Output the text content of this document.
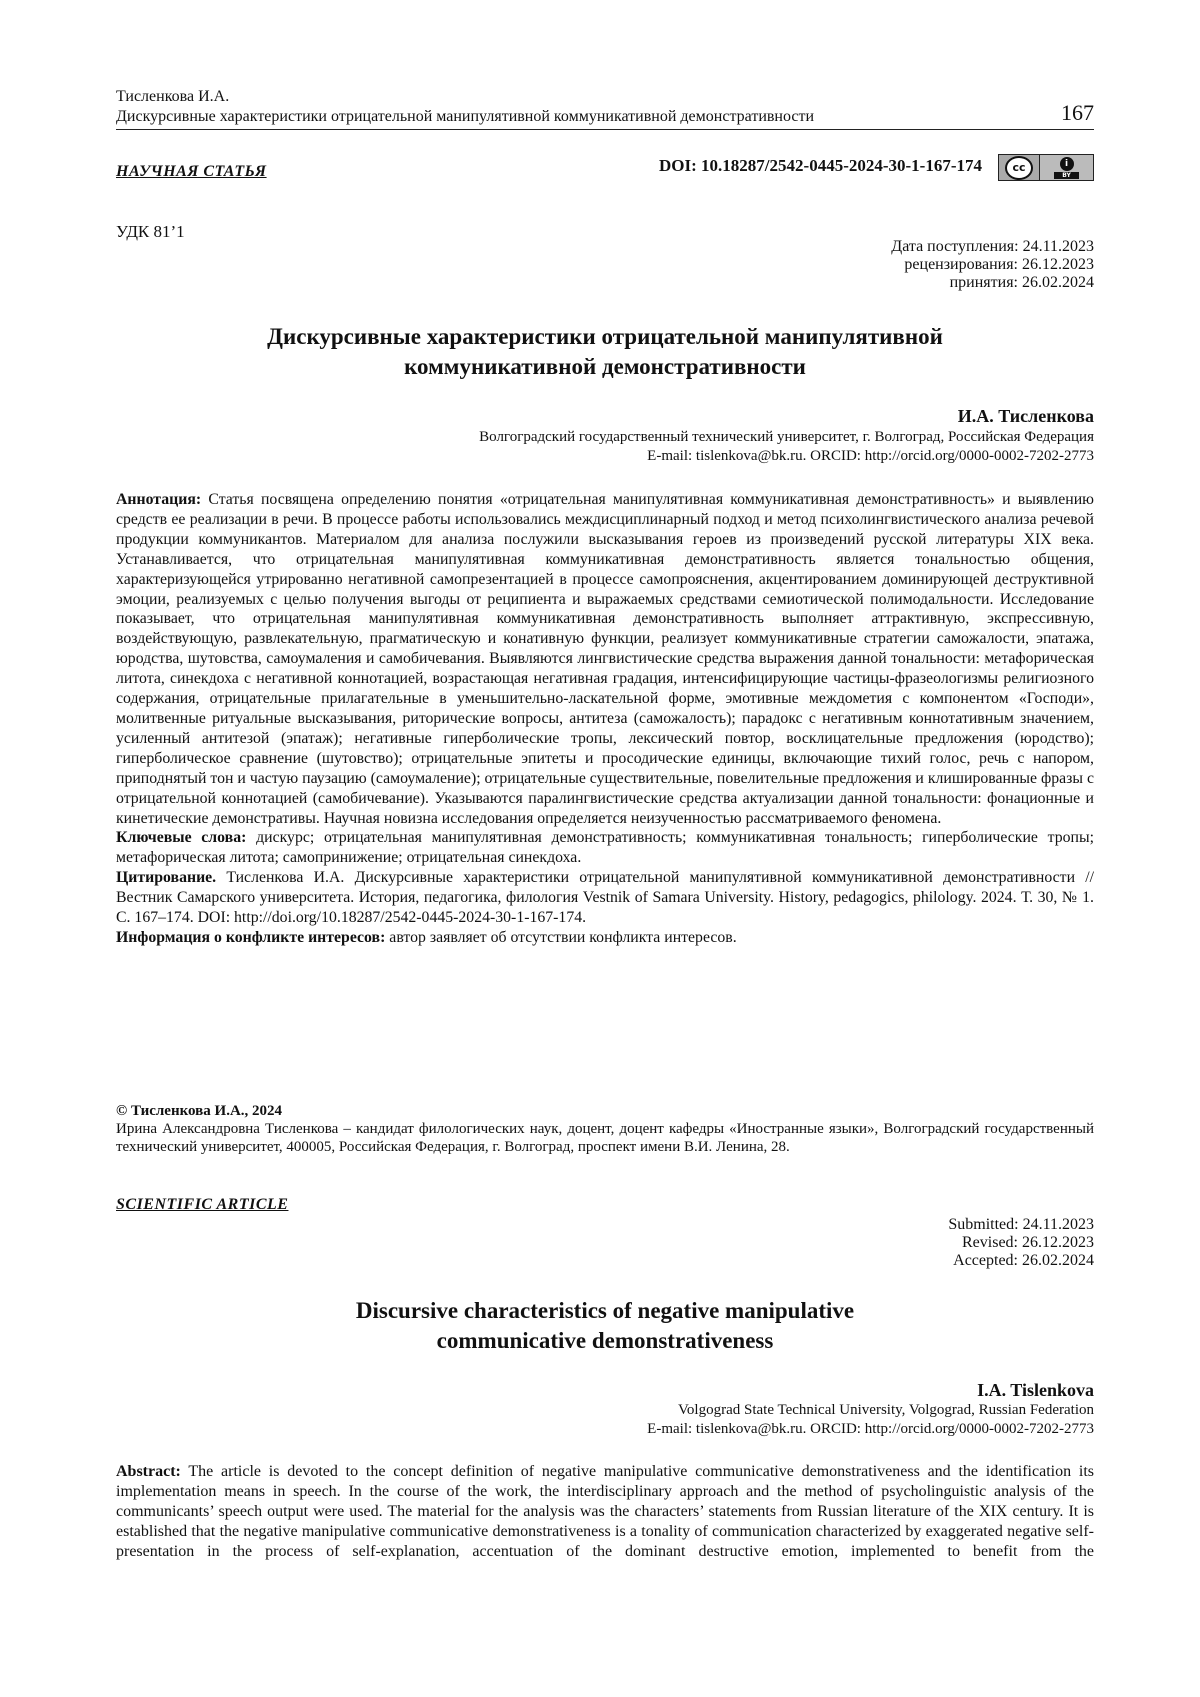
Тисленкова И.А.
Дискурсивные характеристики отрицательной манипулятивной коммуникативной демонстративности	167
DOI: 10.18287/2542-0445-2024-30-1-167-174	cc	i
BY
НАУЧНАЯ СТАТЬЯ
УДК 81’1
Дата поступления: 24.11.2023
рецензирования: 26.12.2023
принятия: 26.02.2024
Дискурсивные характеристики отрицательной манипулятивной
коммуникативной демонстративности
И.А. Тисленкова
Волгоградский государственный технический университет, г. Волгоград, Российская Федерация
E-mail: tislenkova@bk.ru. ORCID: http://orcid.org/0000-0002-7202-2773

Аннотация: Статья посвящена определению понятия «отрицательная манипулятивная коммуникативная демонстративность» и выявлению средств ее реализации в речи. В процессе работы использовались междисциплинарный подход и метод психолингвистического анализа речевой продукции коммуникантов. Материалом для анализа послужили высказывания героев из произведений русской литературы XIX века. Устанавливается, что отрицательная манипулятивная коммуникативная демонстративность является тональностью общения, характеризующейся утрированно негативной самопрезентацией в процессе самопрояснения, акцентированием доминирующей деструктивной эмоции, реализуемых с целью получения выгоды от реципиента и выражаемых средствами семиотической полимодальности. Исследование показывает, что отрицательная манипулятивная коммуникативная демонстративность выполняет аттрактивную, экспрессивную, воздействующую, развлекательную, прагматическую и конативную функции, реализует коммуникативные стратегии саможалости, эпатажа, юродства, шутовства, самоумаления и самобичевания. Выявляются лингвистические средства выражения данной тональности: метафорическая литота, синекдоха с негативной коннотацией, возрастающая негативная градация, интенсифицирующие частицы-фразеологизмы религиозного содержания, отрицательные прилагательные в уменьшительно-ласкательной форме, эмотивные междометия с компонентом «Господи», молитвенные ритуальные высказывания, риторические вопросы, антитеза (саможалость); парадокс с негативным коннотативным значением, усиленный антитезой (эпатаж); негативные гиперболические тропы, лексический повтор, восклицательные предложения (юродство); гиперболическое сравнение (шутовство); отрицательные эпитеты и просодические единицы, включающие тихий голос, речь с напором, приподнятый тон и частую паузацию (самоумаление); отрицательные существительные, повелительные предложения и клишированные фразы с отрицательной коннотацией (самобичевание). Указываются паралингвистические средства актуализации данной тональности: фонационные и кинетические демонстративы. Научная новизна исследования определяется неизученностью рассматриваемого феномена.

Ключевые слова: дискурс; отрицательная манипулятивная демонстративность; коммуникативная тональность; гиперболические тропы; метафорическая литота; самопринижение; отрицательная синекдоха.

Цитирование. Тисленкова И.А. Дискурсивные характеристики отрицательной манипулятивной коммуникативной демонстративности // Вестник Самарского университета. История, педагогика, филология Vestnik of Samara University. History, pedagogics, philology. 2024. Т. 30, № 1. С. 167–174. DOI: http://doi.org/10.18287/2542-0445-2024-30-1-167-174.

Информация о конфликте интересов: автор заявляет об отсутствии конфликта интересов.

© Тисленкова И.А., 2024
Ирина Александровна Тисленкова – кандидат филологических наук, доцент, доцент кафедры «Иностранные языки», Волгоградский государственный технический университет, 400005, Российская Федерация, г. Волгоград, проспект имени В.И. Ленина, 28.
SCIENTIFIC ARTICLE
Submitted: 24.11.2023
Revised: 26.12.2023
Accepted: 26.02.2024
Discursive characteristics of negative manipulative
communicative demonstrativeness
I.A. Tislenkova
Volgograd State Technical University, Volgograd, Russian Federation
E-mail: tislenkova@bk.ru. ORCID: http://orcid.org/0000-0002-7202-2773

Abstract: The article is devoted to the concept definition of negative manipulative communicative demonstrativeness and the identification its implementation means in speech. In the course of the work, the interdisciplinary approach and the method of psycholinguistic analysis of the communicants’ speech output were used. The material for the analysis was the characters’ statements from Russian literature of the XIX century. It is established that the negative manipulative communicative demonstrativeness is a tonality of communication characterized by exaggerated negative self-presentation in the process of self-explanation, accentuation of the dominant destructive emotion, implemented to benefit from the
